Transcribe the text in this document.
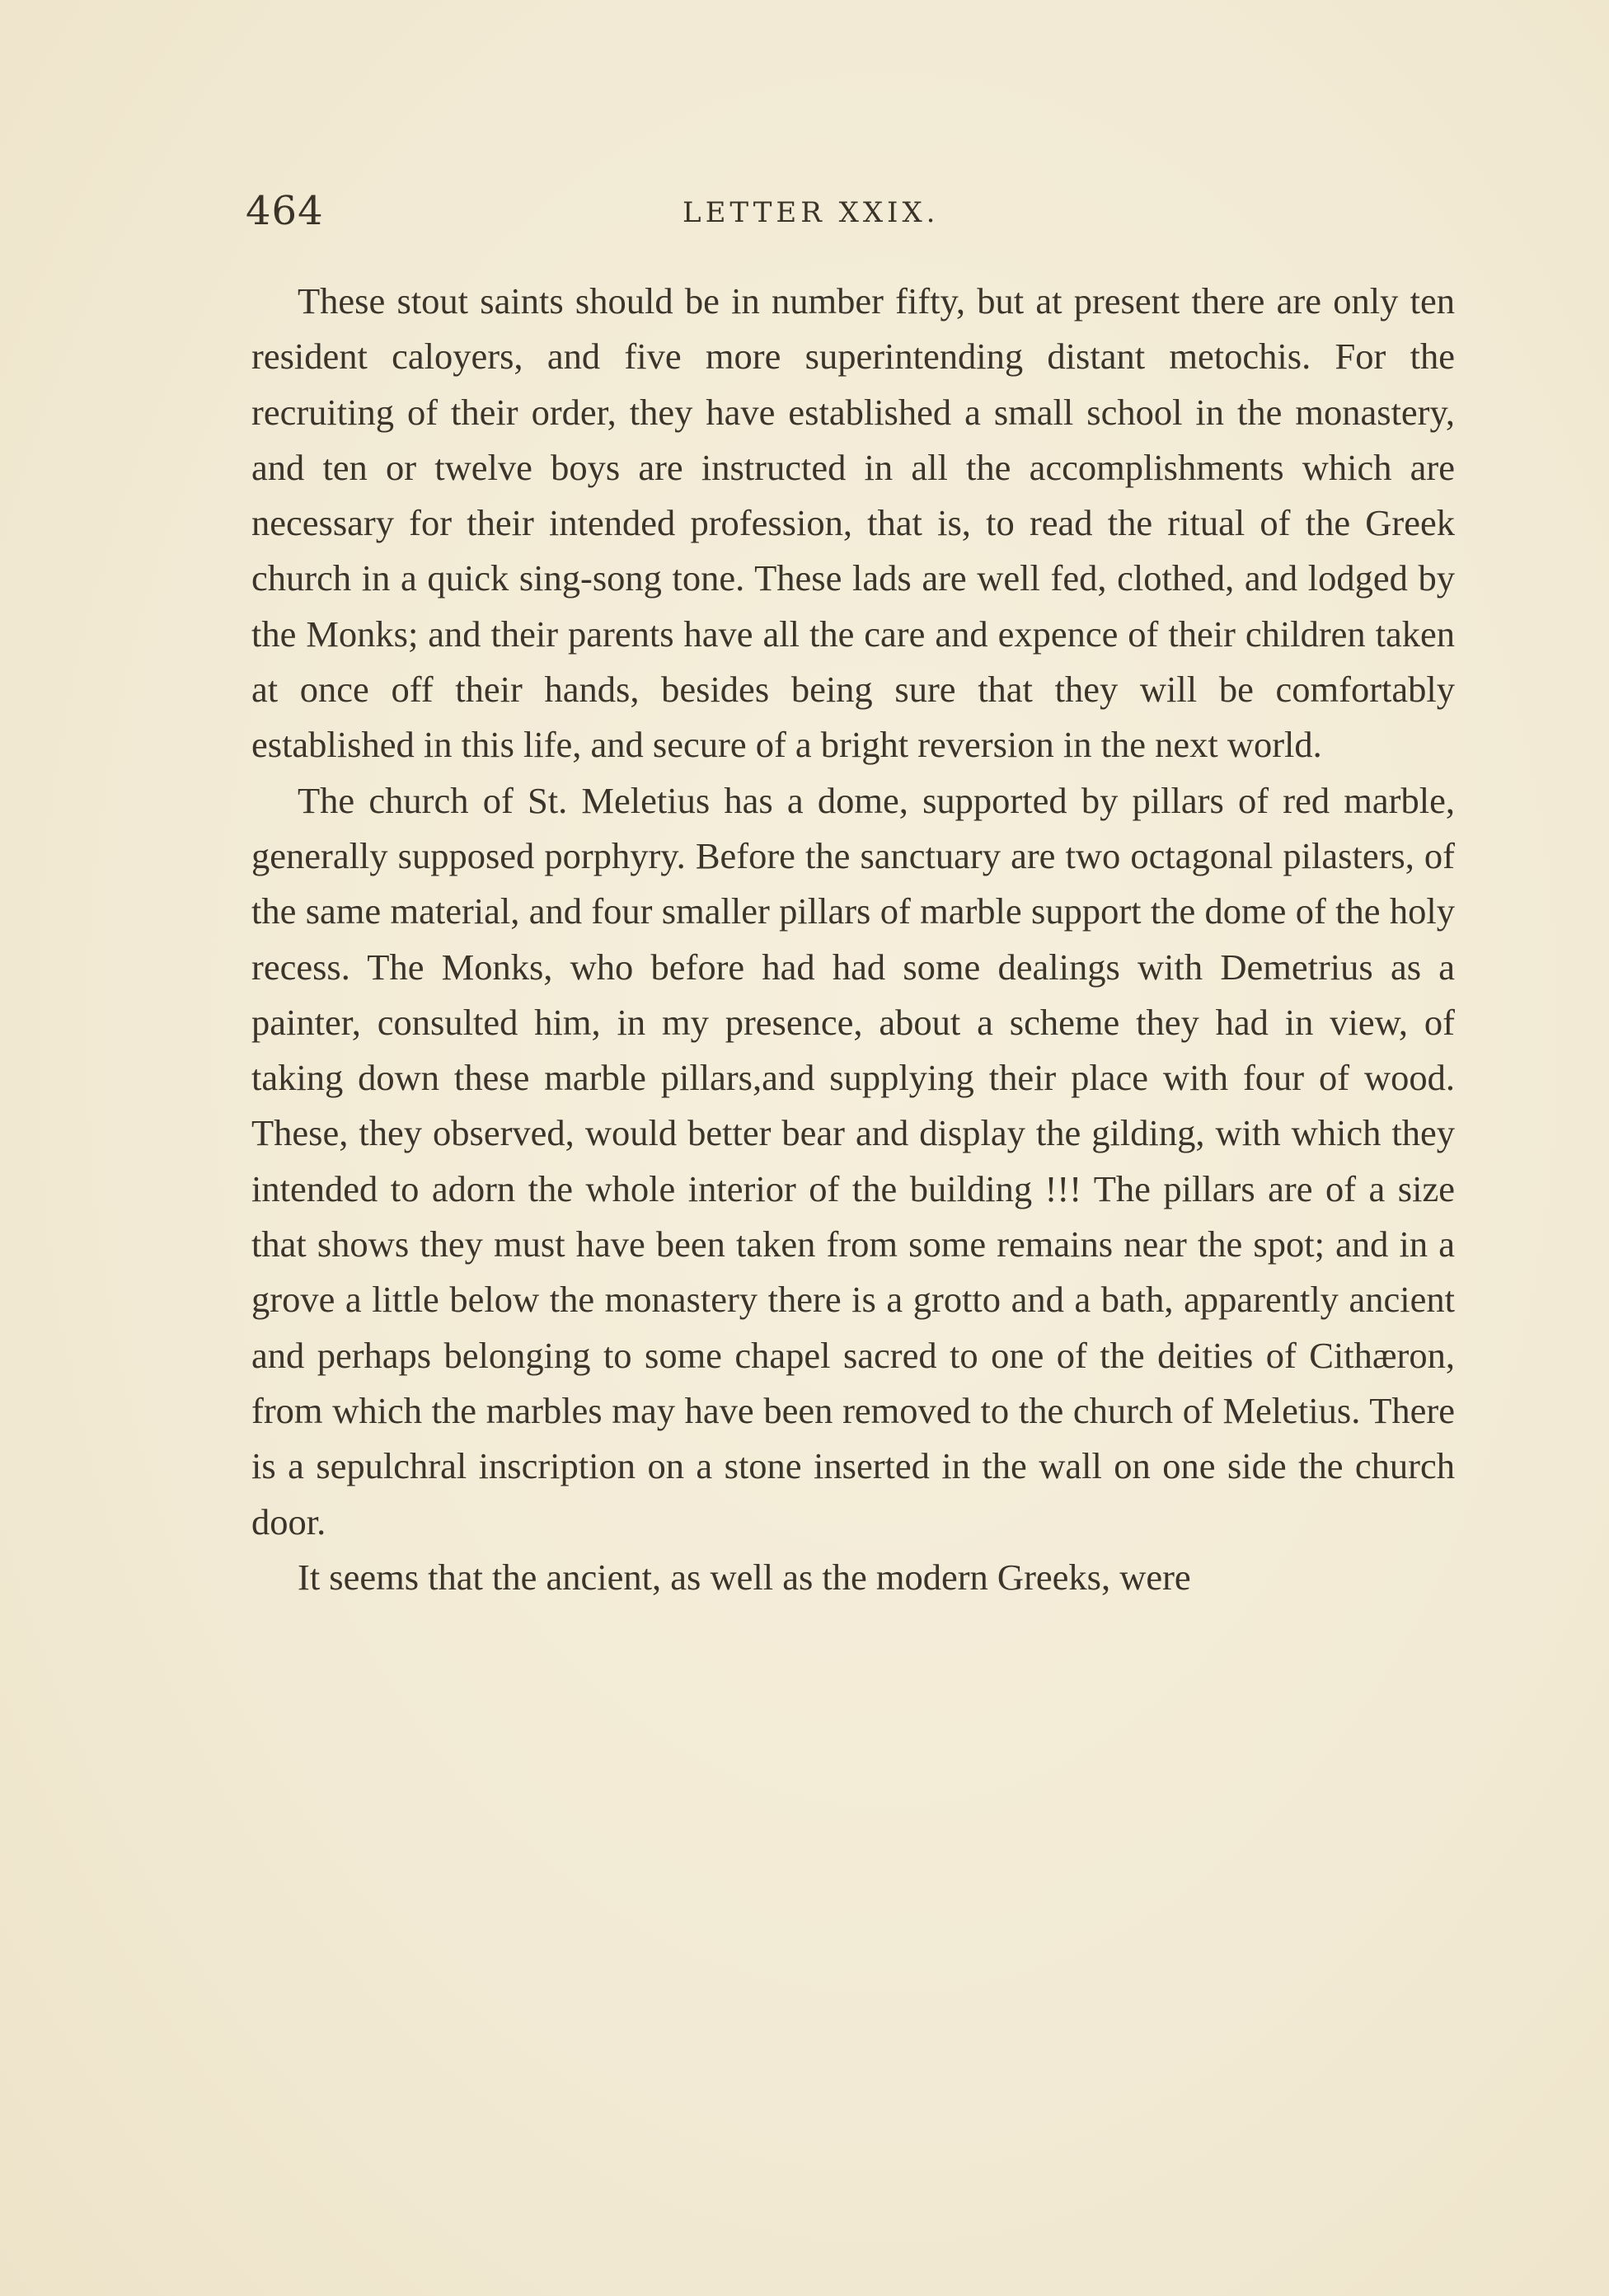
464	LETTER XXIX.

These stout saints should be in number fifty, but at present there are only ten resident caloyers, and five more superintending distant metochis. For the recruiting of their order, they have established a small school in the monastery, and ten or twelve boys are instructed in all the accomplishments which are necessary for their intended profession, that is, to read the ritual of the Greek church in a quick sing-song tone. These lads are well fed, clothed, and lodged by the Monks; and their parents have all the care and expence of their children taken at once off their hands, besides being sure that they will be comfortably established in this life, and secure of a bright reversion in the next world.

The church of St. Meletius has a dome, supported by pillars of red marble, generally supposed porphyry. Before the sanctuary are two octagonal pilasters, of the same material, and four smaller pillars of marble support the dome of the holy recess. The Monks, who before had had some dealings with Demetrius as a painter, consulted him, in my presence, about a scheme they had in view, of taking down these marble pillars,and supplying their place with four of wood. These, they observed, would better bear and display the gilding, with which they intended to adorn the whole interior of the building !!! The pillars are of a size that shows they must have been taken from some remains near the spot; and in a grove a little below the monastery there is a grotto and a bath, apparently ancient and perhaps belonging to some chapel sacred to one of the deities of Cithæron, from which the marbles may have been removed to the church of Meletius. There is a sepulchral inscription on a stone inserted in the wall on one side the church door.

It seems that the ancient, as well as the modern Greeks, were
